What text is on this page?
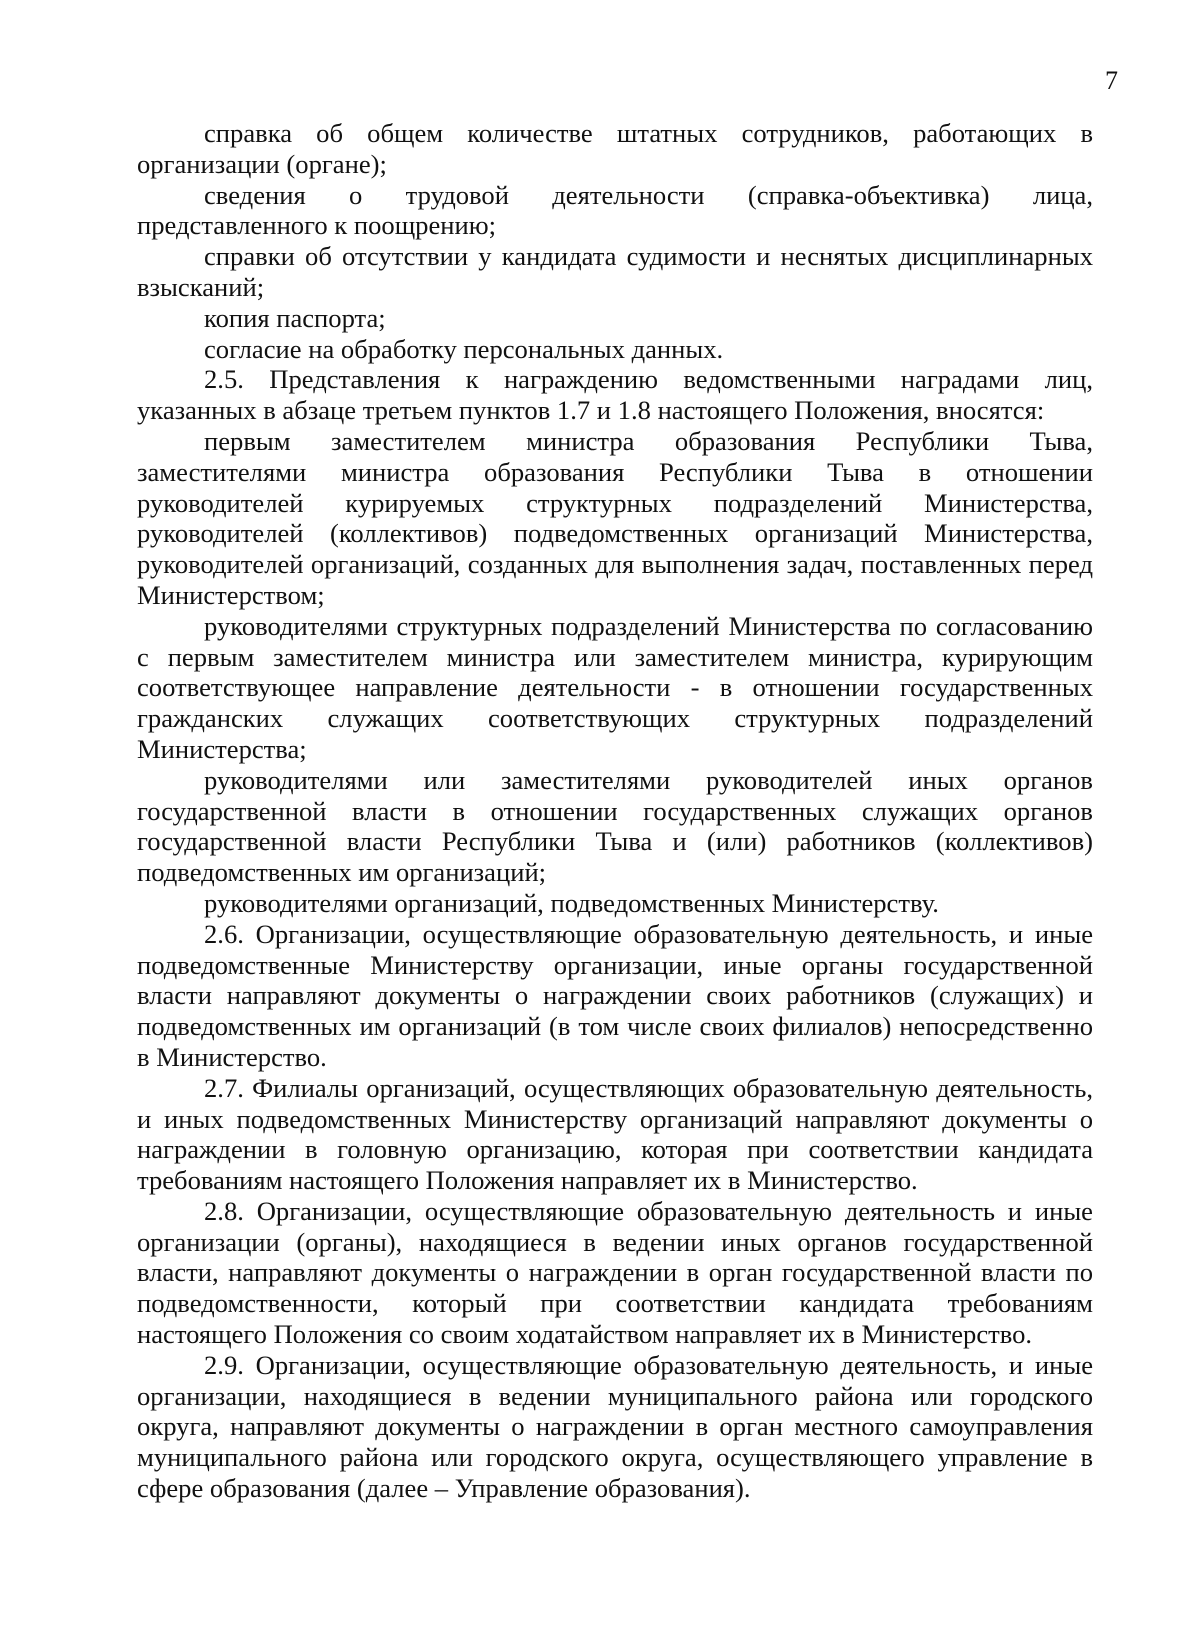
7

справка об общем количестве штатных сотрудников, работающих в организации (органе);

сведения о трудовой деятельности (справка-объективка) лица, представленного к поощрению;

справки об отсутствии у кандидата судимости и неснятых дисциплинарных взысканий;

копия паспорта;

согласие на обработку персональных данных.

2.5. Представления к награждению ведомственными наградами лиц, указанных в абзаце третьем пунктов 1.7 и 1.8 настоящего Положения, вносятся:

первым заместителем министра образования Республики Тыва, заместителями министра образования Республики Тыва в отношении руководителей курируемых структурных подразделений Министерства, руководителей (коллективов) подведомственных организаций Министерства, руководителей организаций, созданных для выполнения задач, поставленных перед Министерством;

руководителями структурных подразделений Министерства по согласованию с первым заместителем министра или заместителем министра, курирующим соответствующее направление деятельности - в отношении государственных гражданских служащих соответствующих структурных подразделений Министерства;

руководителями или заместителями руководителей иных органов государственной власти в отношении государственных служащих органов государственной власти Республики Тыва и (или) работников (коллективов) подведомственных им организаций;

руководителями организаций, подведомственных Министерству.

2.6. Организации, осуществляющие образовательную деятельность, и иные подведомственные Министерству организации, иные органы государственной власти направляют документы о награждении своих работников (служащих) и подведомственных им организаций (в том числе своих филиалов) непосредственно в Министерство.

2.7. Филиалы организаций, осуществляющих образовательную деятельность, и иных подведомственных Министерству организаций направляют документы о награждении в головную организацию, которая при соответствии кандидата требованиям настоящего Положения направляет их в Министерство.

2.8. Организации, осуществляющие образовательную деятельность и иные организации (органы), находящиеся в ведении иных органов государственной власти, направляют документы о награждении в орган государственной власти по подведомственности, который при соответствии кандидата требованиям настоящего Положения со своим ходатайством направляет их в Министерство.

2.9. Организации, осуществляющие образовательную деятельность, и иные организации, находящиеся в ведении муниципального района или городского округа, направляют документы о награждении в орган местного самоуправления муниципального района или городского округа, осуществляющего управление в сфере образования (далее – Управление образования).
